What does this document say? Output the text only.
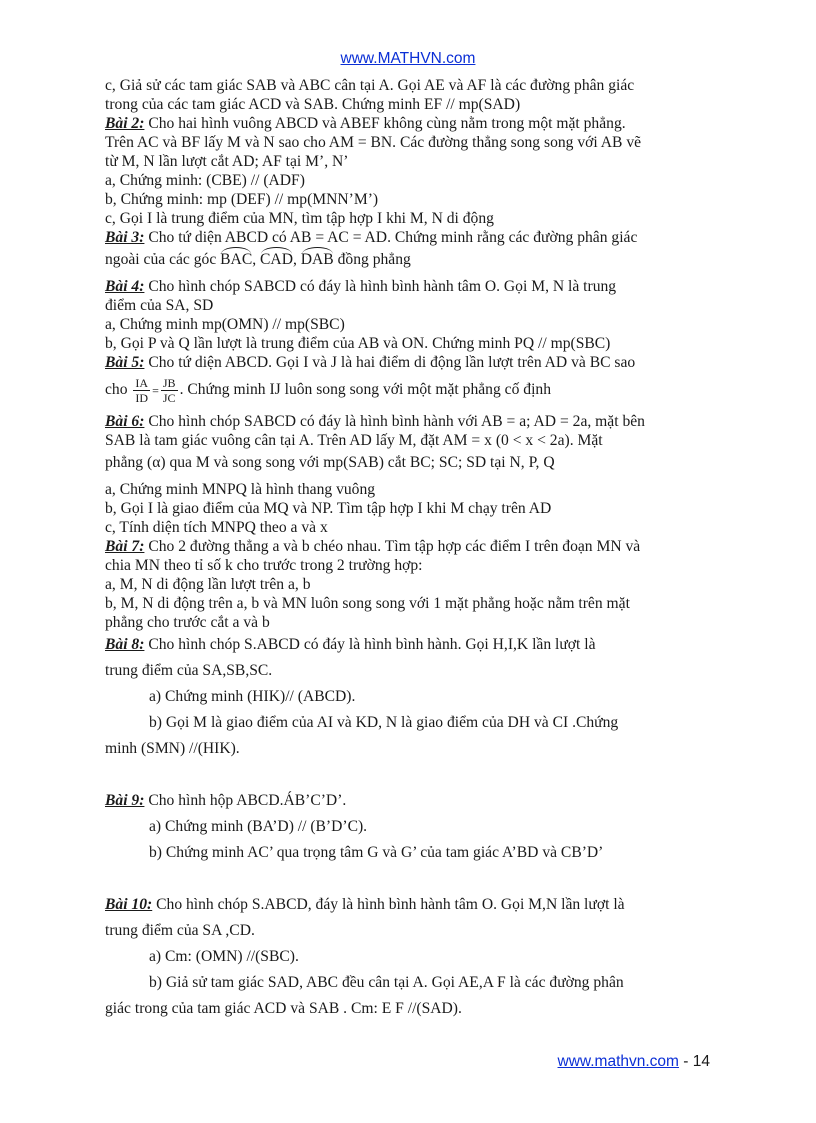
www.MATHVN.com

c, Giả sử các tam giác SAB và ABC cân tại A. Gọi AE và AF là các đường phân giác

trong của các tam giác ACD và SAB. Chứng minh EF // mp(SAD)

Bài 2: Cho hai hình vuông ABCD và ABEF không cùng nằm trong một mặt phẳng.

Trên AC và BF lấy M và N sao cho AM = BN. Các đường thẳng song song với AB vẽ

từ M, N lần lượt cắt AD; AF tại M’, N’

a, Chứng minh: (CBE) // (ADF)

b, Chứng minh: mp (DEF) // mp(MNN’M’)

c, Gọi I là trung điểm của MN, tìm tập hợp I khi M, N di động

Bài 3: Cho tứ diện ABCD có AB = AC = AD. Chứng minh rằng các đường phân giác

ngoài của các góc BAC, CAD, DAB đồng phẳng

Bài 4: Cho hình chóp SABCD có đáy là hình bình hành tâm O. Gọi M, N là trung

điểm của SA, SD

a, Chứng minh mp(OMN) // mp(SBC)

b, Gọi P và Q lần lượt là trung điểm của AB và ON. Chứng minh PQ // mp(SBC)

Bài 5: Cho tứ diện ABCD. Gọi I và J là hai điểm di động lần lượt trên AD và BC sao

cho $\frac{IA}{ID} = \frac{JB}{JC}$ . Chứng minh IJ luôn song song với một mặt phẳng cố định

Bài 6: Cho hình chóp SABCD có đáy là hình bình hành với AB = a; AD = 2a, mặt bên

SAB là tam giác vuông cân tại A. Trên AD lấy M, đặt AM = x (0 < x < 2a). Mặt

phẳng (α) qua M và song song với mp(SAB) cắt BC; SC; SD tại N, P, Q

a, Chứng minh MNPQ là hình thang vuông

b, Gọi I là giao điểm của MQ và NP. Tìm tập hợp I khi M chạy trên AD

c, Tính diện tích MNPQ theo a và x

Bài 7: Cho 2 đường thẳng a và b chéo nhau. Tìm tập hợp các điểm I trên đoạn MN và

chia MN theo tỉ số k cho trước trong 2 trường hợp:

a, M, N di động lần lượt trên a, b

b, M, N di động trên a, b và MN luôn song song với 1 mặt phẳng hoặc nằm trên mặt

phẳng cho trước cắt a và b

Bài 8: Cho hình chóp S.ABCD có đáy là hình bình hành. Gọi H,I,K lần lượt là

trung điểm của SA,SB,SC.

a) Chứng minh (HIK)// (ABCD).

b) Gọi M là giao điểm của AI và KD, N là giao điểm của DH và CI .Chứng

minh (SMN) //(HIK).

Bài 9: Cho hình hộp ABCD.ÁB’C’D’.

a) Chứng minh (BA’D) // (B’D’C).

b) Chứng minh AC’ qua trọng tâm G và G’ của tam giác A’BD và CB’D’

Bài 10: Cho hình chóp S.ABCD, đáy là hình bình hành tâm O. Gọi M,N lần lượt là

trung điểm của SA ,CD.

a) Cm: (OMN) //(SBC).

b) Giả sử tam giác SAD, ABC đều cân tại A. Gọi AE,A F là các đường phân

giác trong của tam giác ACD và SAB . Cm: E F //(SAD).

www.mathvn.com - 14
